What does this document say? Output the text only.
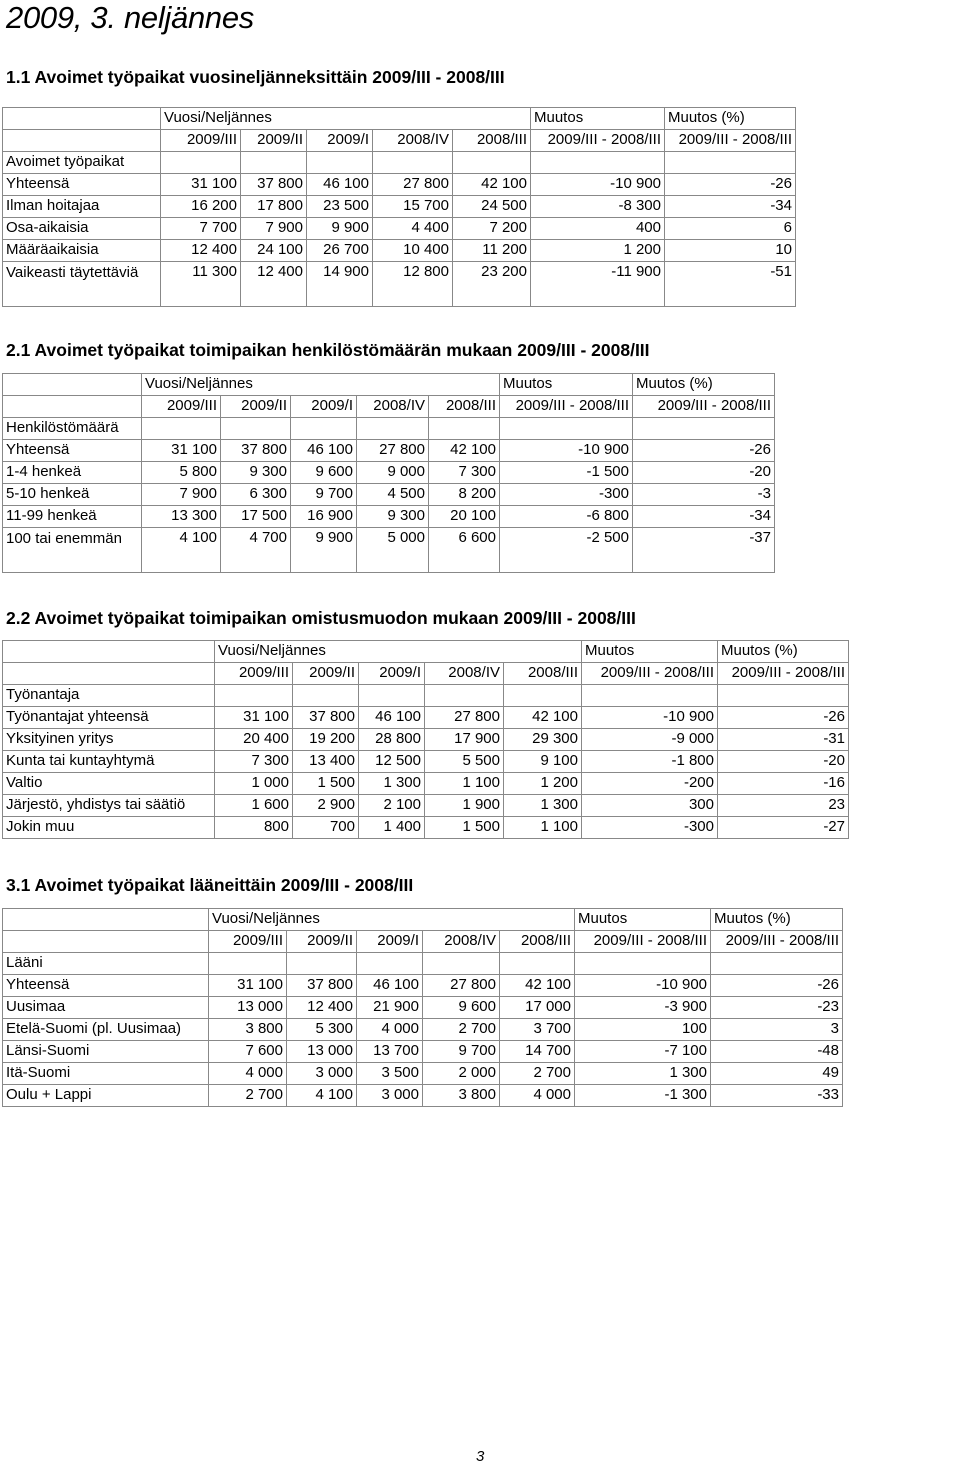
2009, 3. neljännes
1.1 Avoimet työpaikat vuosineljänneksittäin 2009/III - 2008/III
	Vuosi/Neljännes					Muutos	Muutos (%)
	2009/III	2009/II	2009/I	2008/IV	2008/III	2009/III - 2008/III	2009/III - 2008/III
Avoimet työpaikat							
Yhteensä	31 100	37 800	46 100	27 800	42 100	-10 900	-26
Ilman hoitajaa	16 200	17 800	23 500	15 700	24 500	-8 300	-34
Osa-aikaisia	7 700	7 900	9 900	4 400	7 200	400	6
Määräaikaisia	12 400	24 100	26 700	10 400	11 200	1 200	10
Vaikeasti täytettäviä	11 300	12 400	14 900	12 800	23 200	-11 900	-51
2.1 Avoimet työpaikat toimipaikan henkilöstömäärän mukaan 2009/III - 2008/III
	Vuosi/Neljännes					Muutos	Muutos (%)
	2009/III	2009/II	2009/I	2008/IV	2008/III	2009/III - 2008/III	2009/III - 2008/III
Henkilöstömäärä							
Yhteensä	31 100	37 800	46 100	27 800	42 100	-10 900	-26
1-4 henkeä	5 800	9 300	9 600	9 000	7 300	-1 500	-20
5-10 henkeä	7 900	6 300	9 700	4 500	8 200	-300	-3
11-99 henkeä	13 300	17 500	16 900	9 300	20 100	-6 800	-34
100 tai enemmän	4 100	4 700	9 900	5 000	6 600	-2 500	-37
2.2 Avoimet työpaikat toimipaikan omistusmuodon mukaan 2009/III - 2008/III
	Vuosi/Neljännes					Muutos	Muutos (%)
	2009/III	2009/II	2009/I	2008/IV	2008/III	2009/III - 2008/III	2009/III - 2008/III
Työnantaja							
Työnantajat yhteensä	31 100	37 800	46 100	27 800	42 100	-10 900	-26
Yksityinen yritys	20 400	19 200	28 800	17 900	29 300	-9 000	-31
Kunta tai kuntayhtymä	7 300	13 400	12 500	5 500	9 100	-1 800	-20
Valtio	1 000	1 500	1 300	1 100	1 200	-200	-16
Järjestö, yhdistys tai säätiö	1 600	2 900	2 100	1 900	1 300	300	23
Jokin muu	800	700	1 400	1 500	1 100	-300	-27
3.1 Avoimet työpaikat lääneittäin 2009/III - 2008/III
	Vuosi/Neljännes					Muutos	Muutos (%)
	2009/III	2009/II	2009/I	2008/IV	2008/III	2009/III - 2008/III	2009/III - 2008/III
Lääni							
Yhteensä	31 100	37 800	46 100	27 800	42 100	-10 900	-26
Uusimaa	13 000	12 400	21 900	9 600	17 000	-3 900	-23
Etelä-Suomi (pl. Uusimaa)	3 800	5 300	4 000	2 700	3 700	100	3
Länsi-Suomi	7 600	13 000	13 700	9 700	14 700	-7 100	-48
Itä-Suomi	4 000	3 000	3 500	2 000	2 700	1 300	49
Oulu + Lappi	2 700	4 100	3 000	3 800	4 000	-1 300	-33
3
